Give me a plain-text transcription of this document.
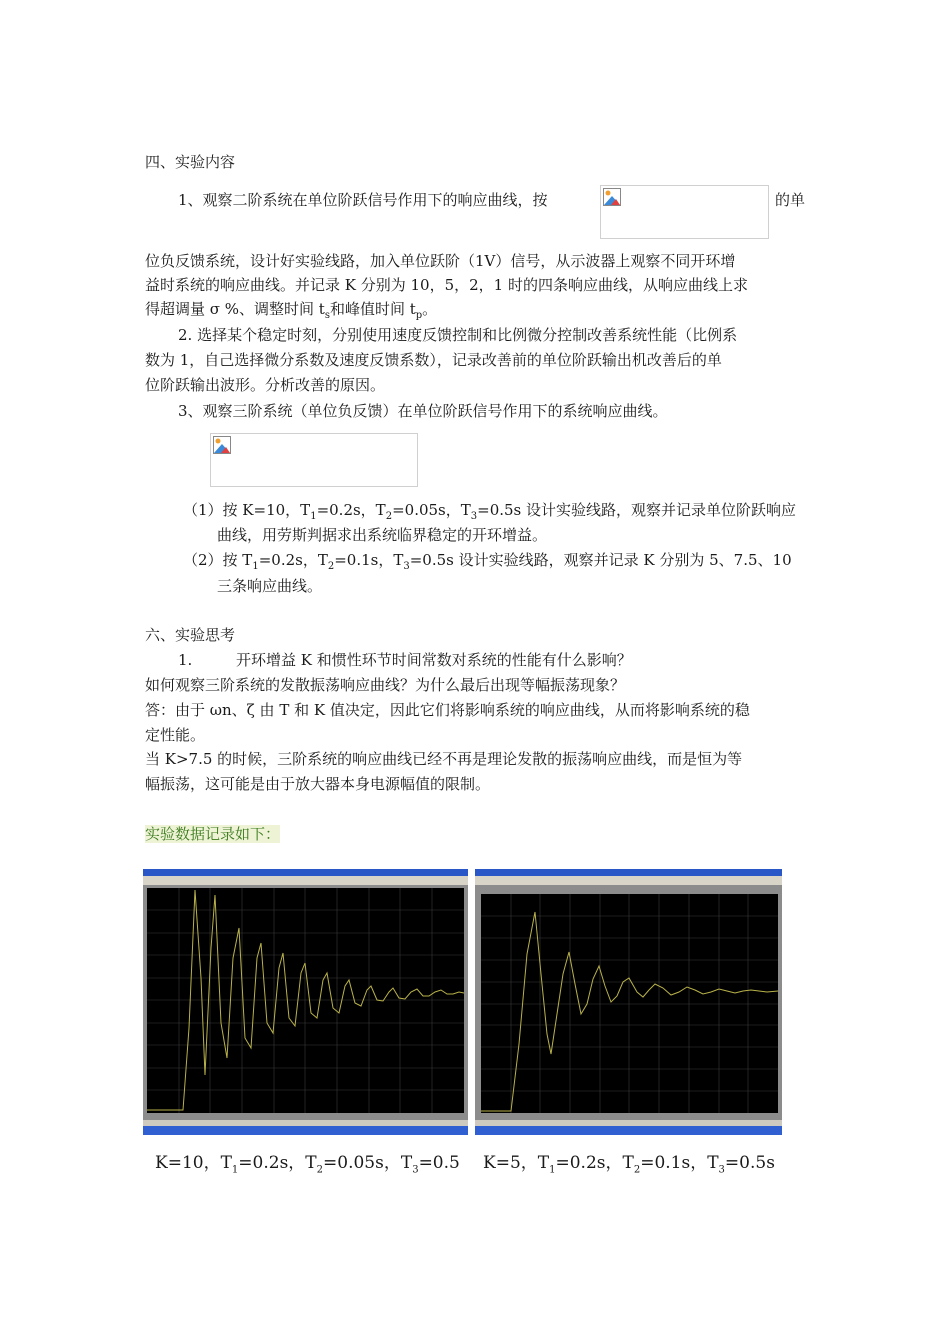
四、实验内容
1、观察二阶系统在单位阶跃信号作用下的响应曲线，按	的单
位负反馈系统，设计好实验线路，加入单位跃阶（1V）信号，从示波器上观察不同开环增
益时系统的响应曲线。并记录 K 分别为 10，5，2，1 时的四条响应曲线，从响应曲线上求
得超调量 σ %、调整时间 $t_s$和峰值时间 $t_p$。
2. 选择某个稳定时刻，分别使用速度反馈控制和比例微分控制改善系统性能（比例系
数为 1，自己选择微分系数及速度反馈系数），记录改善前的单位阶跃输出机改善后的单
位阶跃输出波形。分析改善的原因。
3、观察三阶系统（单位负反馈）在单位阶跃信号作用下的系统响应曲线。
（1）按 K=10，$T_1=0.2s$，$T_2=0.05s$，$T_3=0.5s$ 设计实验线路，观察并记录单位阶跃响应
曲线，用劳斯判据求出系统临界稳定的开环增益。
（2）按 $T_1=0.2s$，$T_2=0.1s$，$T_3=0.5s$ 设计实验线路，观察并记录 K 分别为 5、7.5、10
三条响应曲线。
六、实验思考
1.	开环增益 K 和惯性环节时间常数对系统的性能有什么影响？
如何观察三阶系统的发散振荡响应曲线？为什么最后出现等幅振荡现象？
答：由于 ωn、ζ 由 T 和 K 值决定，因此它们将影响系统的响应曲线，从而将影响系统的稳
定性能。
当 K>7.5 的时候，三阶系统的响应曲线已经不再是理论发散的振荡响应曲线，而是恒为等
幅振荡，这可能是由于放大器本身电源幅值的限制。
实验数据记录如下：
K=10，$T_1=0.2s$，$T_2=0.05s$，$T_3=0.5$ K=5，$T_1=0.2s$，$T_2=0.1s$，$T_3=0.5s$
